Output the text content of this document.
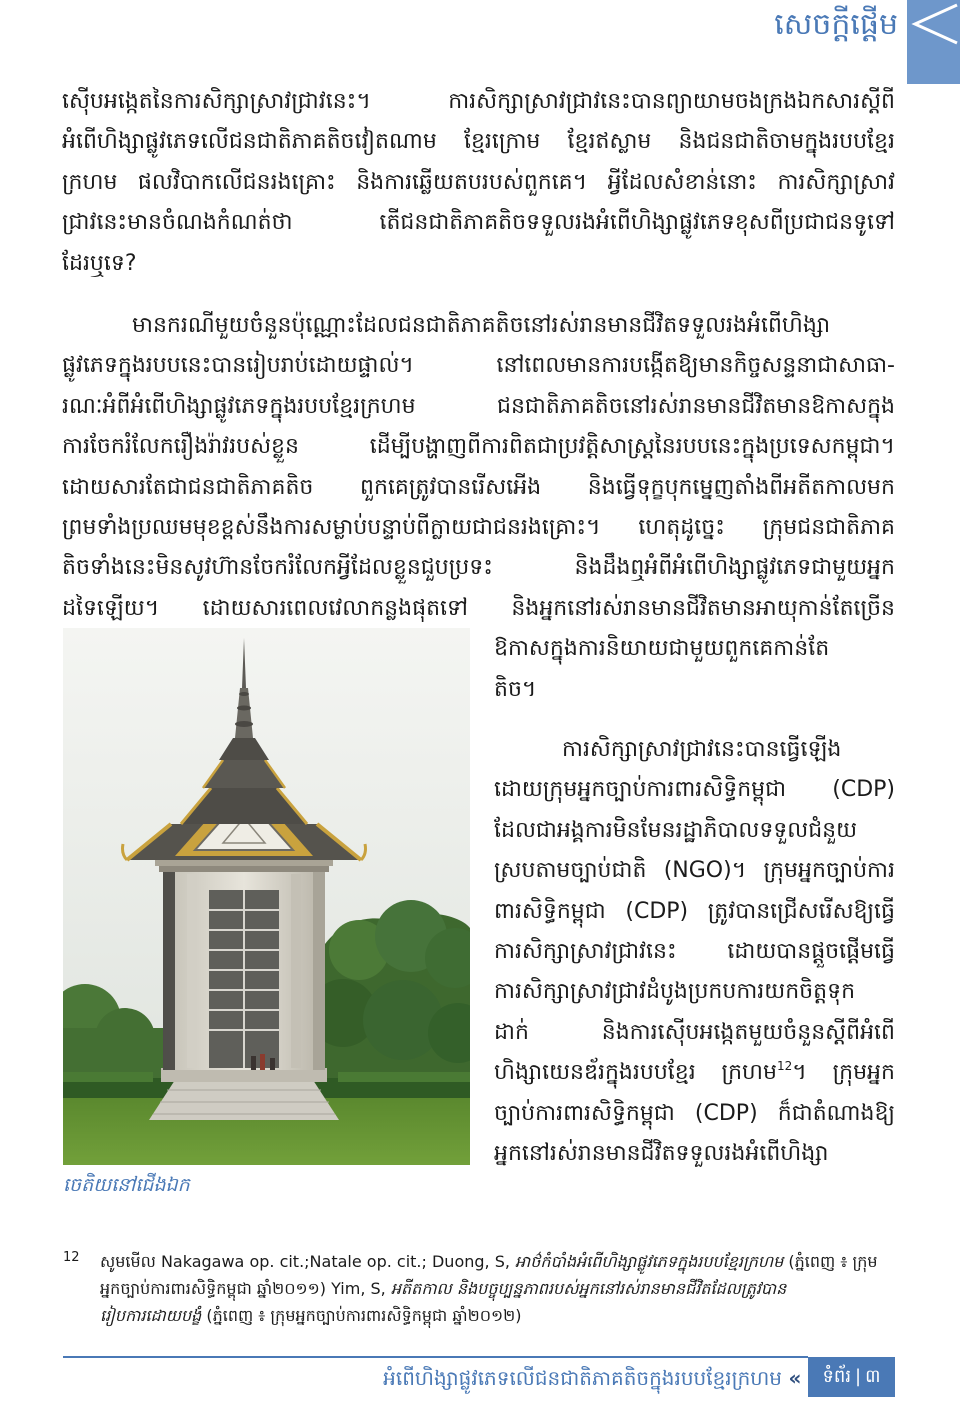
សេចក្តីផ្តើម
ស៊ើបអង្កេតនៃការសិក្សាស្រាវជ្រាវនេះ។ ការសិក្សាស្រាវជ្រាវនេះបានព្យាយាមចងក្រងឯកសារស្តីពី
អំពើហិង្សាផ្លូវភេទលើជនជាតិភាគតិចវៀតណាម ខ្មែរក្រោម ខ្មែរឥស្លាម និងជនជាតិចាមក្នុងរបបខ្មែរ
ក្រហម ផលវិបាកលើជនរងគ្រោះ និងការឆ្លើយតបរបស់ពួកគេ។ អ្វីដែលសំខាន់នោះ ការសិក្សាស្រាវ
ជ្រាវនេះមានចំណងកំណត់ថា តើជនជាតិភាគតិចទទួលរងអំពើហិង្សាផ្លូវភេទខុសពីប្រជាជនទូទៅ
ដែរឬទេ?
មានករណីមួយចំនួនប៉ុណ្ណោះដែលជនជាតិភាគតិចនៅរស់រានមានជីវិតទទួលរងអំពើហិង្សា
ផ្លូវភេទក្នុងរបបនេះបានរៀបរាប់ដោយផ្ទាល់។ នៅពេលមានការបង្កើតឱ្យមានកិច្ចសន្ទនាជាសាធា-
រណៈអំពីអំពើហិង្សាផ្លូវភេទក្នុងរបបខ្មែរក្រហម ជនជាតិភាគតិចនៅរស់រានមានជីវិតមានឱកាសក្នុង
ការចែករំលែករឿងរ៉ាវរបស់ខ្លួន ដើម្បីបង្ហាញពីការពិតជាប្រវត្តិសាស្ត្រនៃរបបនេះក្នុងប្រទេសកម្ពុជា។
ដោយសារតែជាជនជាតិភាគតិច ពួកគេត្រូវបានរើសអើង និងធ្វើទុក្ខបុកម្នេញតាំងពីអតីតកាលមក
ព្រមទាំងប្រឈមមុខខ្ពស់នឹងការសម្លាប់បន្ទាប់ពីក្លាយជាជនរងគ្រោះ។ ហេតុដូច្នេះ ក្រុមជនជាតិភាគ
តិចទាំងនេះមិនសូវហ៊ានចែករំលែកអ្វីដែលខ្លួនជួបប្រទះ និងដឹងឮអំពីអំពើហិង្សាផ្លូវភេទជាមួយអ្នក
ដទៃឡើយ។ ដោយសារពេលវេលាកន្លងផុតទៅ និងអ្នកនៅរស់រានមានជីវិតមានអាយុកាន់តែច្រើន
ឱកាសក្នុងការនិយាយជាមួយពួកគេកាន់តែ
តិច។
ការសិក្សាស្រាវជ្រាវនេះបានធ្វើឡើង
ដោយក្រុមអ្នកច្បាប់ការពារសិទ្ធិកម្ពុជា (CDP)
ដែលជាអង្គការមិនមែនរដ្ឋាភិបាលទទួលជំនួយ
ស្របតាមច្បាប់ជាតិ (NGO)។ ក្រុមអ្នកច្បាប់ការ
ពារសិទ្ធិកម្ពុជា (CDP) ត្រូវបានជ្រើសរើសឱ្យធ្វើ
ការសិក្សាស្រាវជ្រាវនេះ ដោយបានផ្តួចផ្តើមធ្វើ
ការសិក្សាស្រាវជ្រាវដំបូងប្រកបការយកចិត្តទុក
ដាក់ និងការស៊ើបអង្កេតមួយចំនួនស្តីពីអំពើ
ហិង្សាយេនឌ័រក្នុងរបបខ្មែរ ក្រហម$^{12}$។ ក្រុមអ្នក
ច្បាប់ការពារសិទ្ធិកម្ពុជា (CDP) ក៏ជាតំណាងឱ្យ
អ្នកនៅរស់រានមានជីវិតទទួលរងអំពើហិង្សា
ចេតិយនៅជើងឯក
12 សូមមើល Nakagawa op. cit.;Natale op. cit.; Duong, S, អាថ៌កំបាំងអំពើហិង្សាផ្លូវភេទក្នុងរបបខ្មែរក្រហម (ភ្នំពេញ ៖ ក្រុម
អ្នកច្បាប់ការពារសិទ្ធិកម្ពុជា ឆ្នាំ២០១១) Yim, S, អតីតកាល និងបច្ចុប្បន្នភាពរបស់អ្នកនៅរស់រានមានជីវិតដែលត្រូវបាន
រៀបការដោយបង្ខំ (ភ្នំពេញ ៖ ក្រុមអ្នកច្បាប់ការពារសិទ្ធិកម្ពុជា ឆ្នាំ២០១២)
អំពើហិង្សាផ្លូវភេទលើជនជាតិភាគតិចក្នុងរបបខ្មែរក្រហម «	ទំព័រ | ៣
